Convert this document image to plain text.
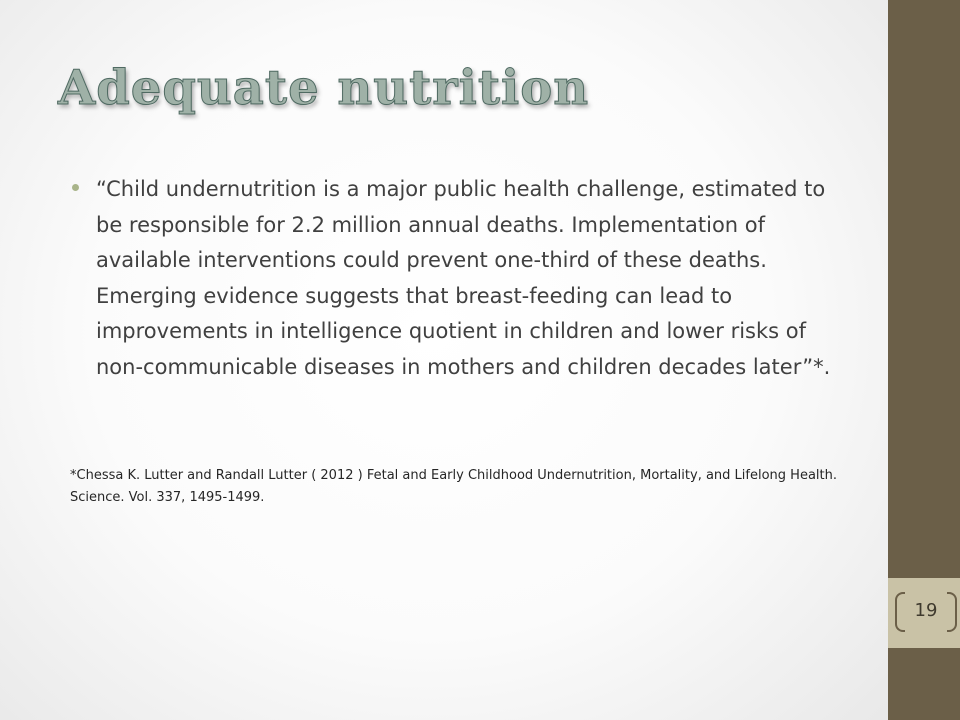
19
Adequate nutrition

“Child undernutrition is a major public health challenge, estimated to be responsible for 2.2 million annual deaths. Implementation of available interventions could prevent one-third of these deaths. Emerging evidence suggests that breast-feeding can lead to improvements in intelligence quotient in children and lower risks of non-communicable diseases in mothers and children decades later”*.

*Chessa K. Lutter and Randall Lutter ( 2012 ) Fetal and Early Childhood Undernutrition, Mortality, and Lifelong Health. Science. Vol. 337, 1495-1499.
